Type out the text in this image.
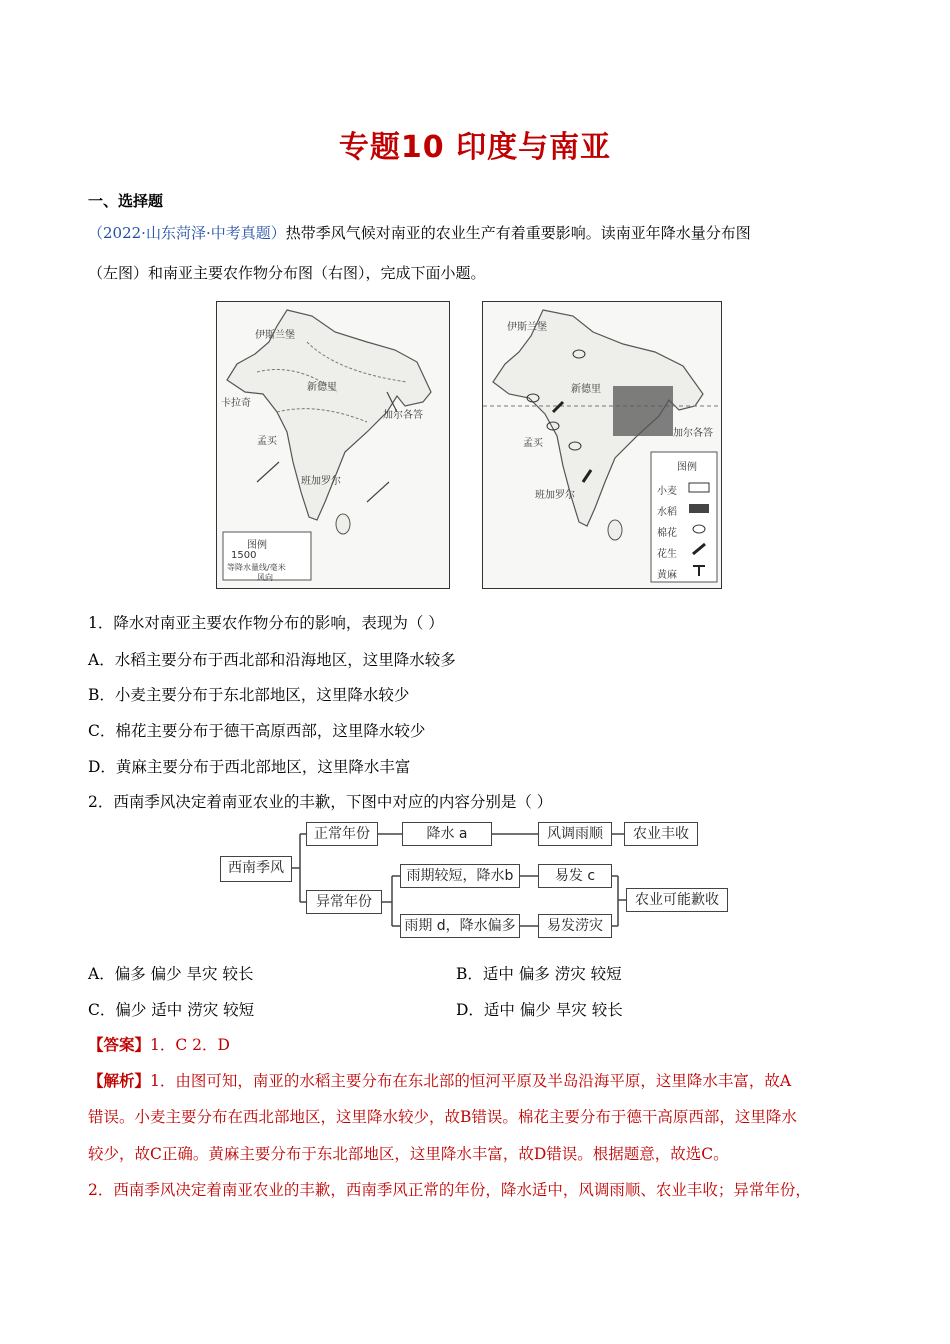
专题10 印度与南亚
一、选择题
（2022·山东菏泽·中考真题）热带季风气候对南亚的农业生产有着重要影响。读南亚年降水量分布图
（左图）和南亚主要农作物分布图（右图），完成下面小题。
伊斯兰堡
新德里
卡拉奇
孟买
加尔各答
班加罗尔
图例
1500
等降水量线/毫米
风向
伊斯兰堡
新德里
孟买
加尔各答
班加罗尔
图例
小麦
水稻
棉花
花生
黄麻
1．降水对南亚主要农作物分布的影响，表现为（ ）
A．水稻主要分布于西北部和沿海地区，这里降水较多
B．小麦主要分布于东北部地区，这里降水较少
C．棉花主要分布于德干高原西部，这里降水较少
D．黄麻主要分布于西北部地区，这里降水丰富
2．西南季风决定着南亚农业的丰歉，下图中对应的内容分别是（ ）
西南季风
正常年份
异常年份
降水 a	风调雨顺	农业丰收
雨期较短，降水b	易发 c
雨期 d，降水偏多	易发涝灾
农业可能歉收
A．偏多 偏少 旱灾 较长	B．适中 偏多 涝灾 较短
C．偏少 适中 涝灾 较短	D．适中 偏少 旱灾 较长
【答案】1．C 2．D
【解析】1．由图可知，南亚的水稻主要分布在东北部的恒河平原及半岛沿海平原，这里降水丰富，故A
错误。小麦主要分布在西北部地区，这里降水较少，故B错误。棉花主要分布于德干高原西部，这里降水
较少，故C正确。黄麻主要分布于东北部地区，这里降水丰富，故D错误。根据题意，故选C。
2．西南季风决定着南亚农业的丰歉，西南季风正常的年份，降水适中，风调雨顺、农业丰收；异常年份，
